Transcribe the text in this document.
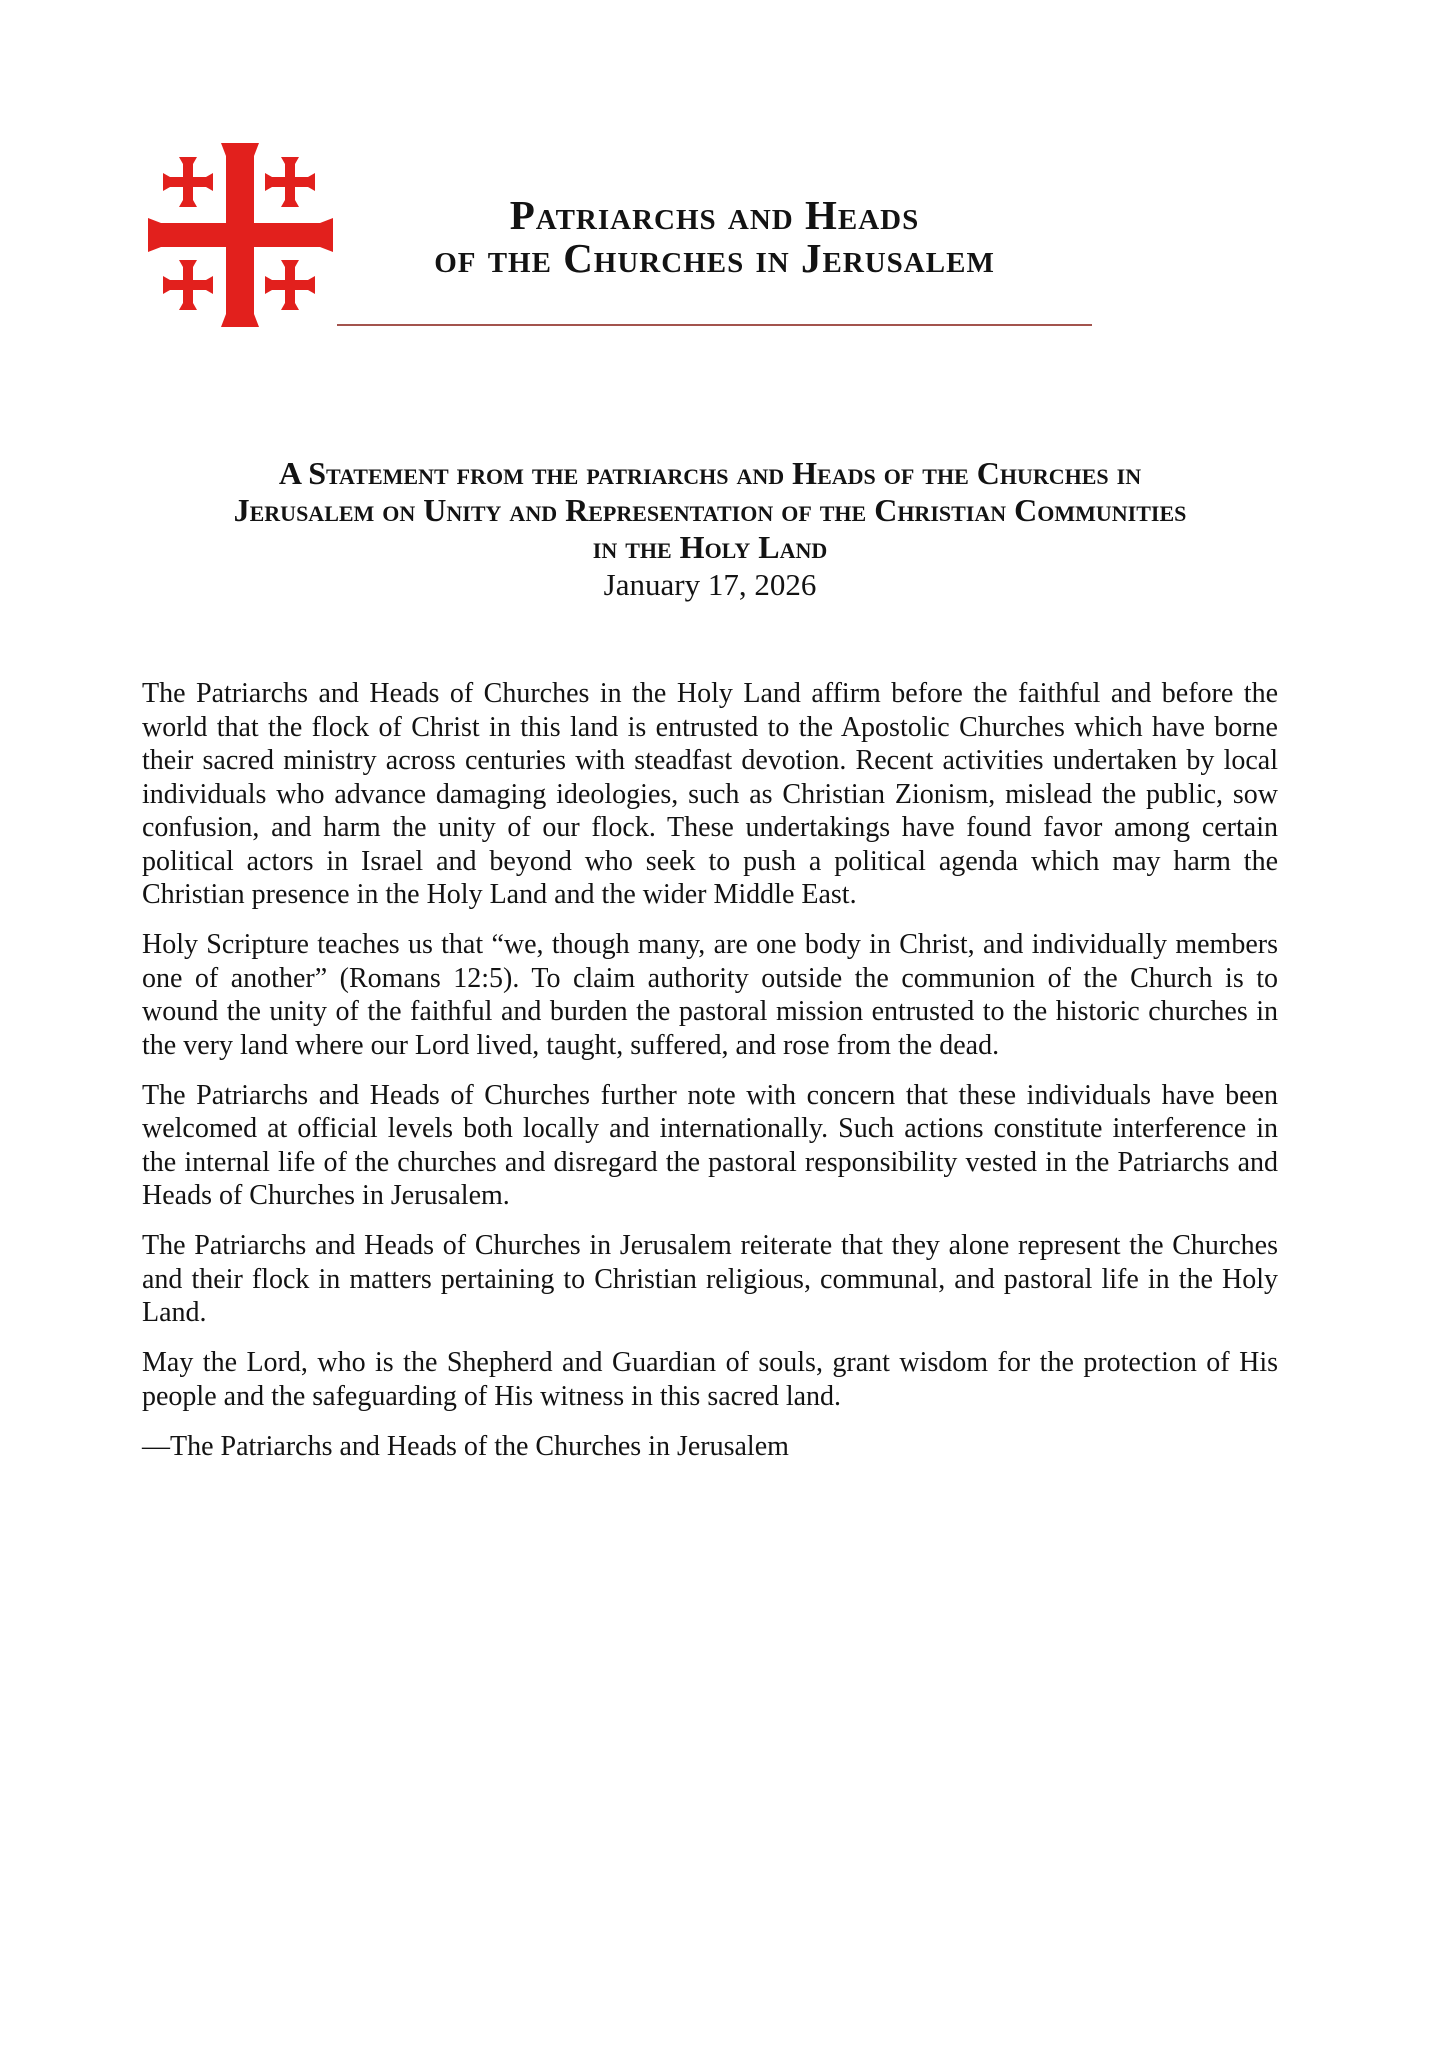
Patriarchs and Heads
of the Churches in Jerusalem
A Statement from the patriarchs and Heads of the Churches in
Jerusalem on Unity and Representation of the Christian Communities
in the Holy Land
January 17, 2026

The Patriarchs and Heads of Churches in the Holy Land affirm before the faithful and before the world that the flock of Christ in this land is entrusted to the Apostolic Churches which have borne their sacred ministry across centuries with steadfast devotion. Recent activities undertaken by local individuals who advance damaging ideologies, such as Christian Zionism, mislead the public, sow confusion, and harm the unity of our flock. These undertakings have found favor among certain political actors in Israel and beyond who seek to push a political agenda which may harm the Christian presence in the Holy Land and the wider Middle East.

Holy Scripture teaches us that “we, though many, are one body in Christ, and individually members one of another” (Romans 12:5). To claim authority outside the communion of the Church is to wound the unity of the faithful and burden the pastoral mission entrusted to the historic churches in the very land where our Lord lived, taught, suffered, and rose from the dead.

The Patriarchs and Heads of Churches further note with concern that these individuals have been welcomed at official levels both locally and internationally. Such actions constitute interference in the internal life of the churches and disregard the pastoral responsibility vested in the Patriarchs and Heads of Churches in Jerusalem.

The Patriarchs and Heads of Churches in Jerusalem reiterate that they alone represent the Churches and their flock in matters pertaining to Christian religious, communal, and pastoral life in the Holy Land.

May the Lord, who is the Shepherd and Guardian of souls, grant wisdom for the protection of His people and the safeguarding of His witness in this sacred land.

—The Patriarchs and Heads of the Churches in Jerusalem
